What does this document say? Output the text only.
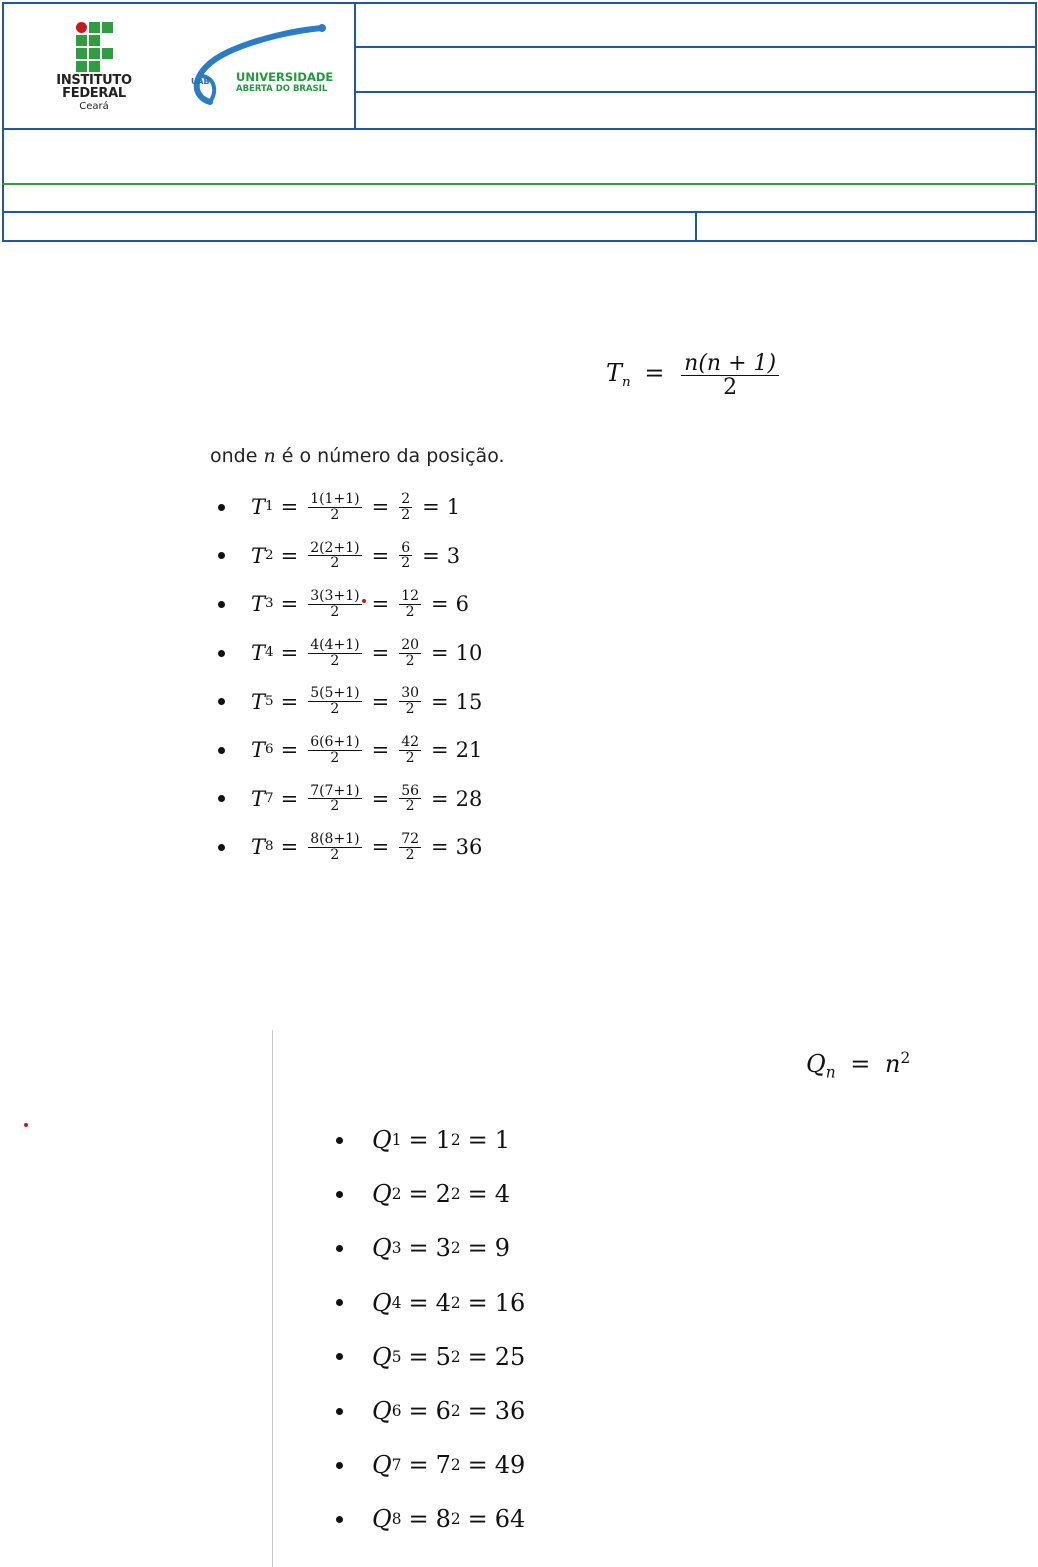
INSTITUTO
FEDERAL
Ceará
UAB UNIVERSIDADE
ABERTA DO BRASIL
$T_n = \frac{n(n + 1)}{2}$
onde n é o número da posição.
T $1 = \frac{1(1+1)}{2} = \frac{2}{2} = 1$
T $2 = \frac{2(2+1)}{2} = \frac{6}{2} = 3$
T $3 = \frac{3(3+1)}{2} = \frac{12}{2} = 6$
T $4 = \frac{4(4+1)}{2} = \frac{20}{2} = 10$
T $5 = \frac{5(5+1)}{2} = \frac{30}{2} = 15$
T $6 = \frac{6(6+1)}{2} = \frac{42}{2} = 21$
T $7 = \frac{7(7+1)}{2} = \frac{56}{2} = 28$
T $8 = \frac{8(8+1)}{2} = \frac{72}{2} = 36$
$Q_n = n^2$
Q 1 = 1 2 = 1
Q 2 = 2 2 = 4
Q 3 = 3 2 = 9
Q 4 = 4 2 = 16
Q 5 = 5 2 = 25
Q 6 = 6 2 = 36
Q 7 = 7 2 = 49
Q 8 = 8 2 = 64
